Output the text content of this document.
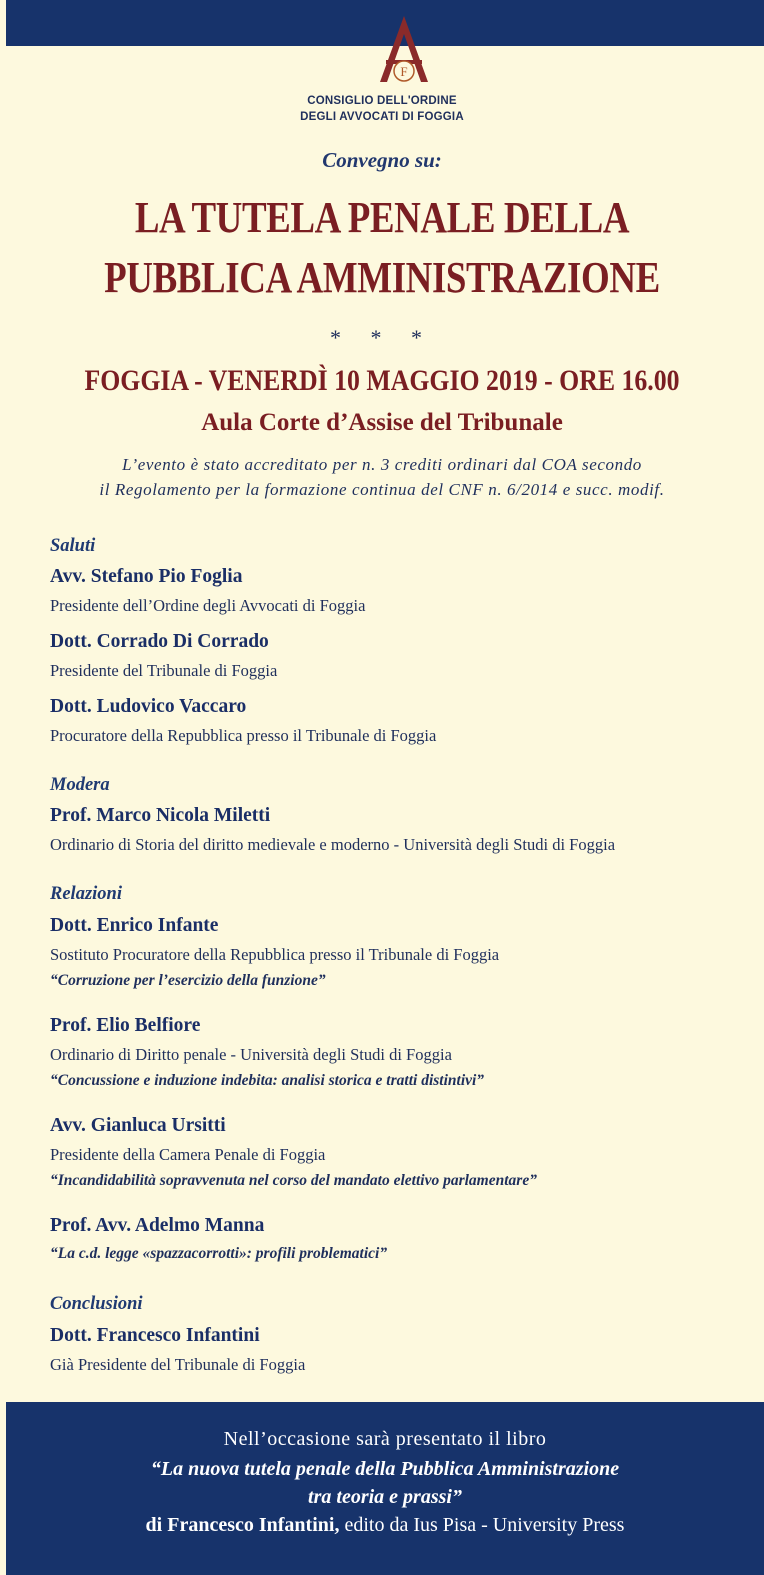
F
CONSIGLIO DELL'ORDINE
DEGLI AVVOCATI DI FOGGIA
Convegno su:
LA TUTELA PENALE DELLA
PUBBLICA AMMINISTRAZIONE
* * *
FOGGIA - VENERDÌ 10 MAGGIO 2019 - ORE 16.00
Aula Corte d’Assise del Tribunale
L’evento è stato accreditato per n. 3 crediti ordinari dal COA secondo
il Regolamento per la formazione continua del CNF n. 6/2014 e succ. modif.
Saluti
Avv. Stefano Pio Foglia
Presidente dell’Ordine degli Avvocati di Foggia
Dott. Corrado Di Corrado
Presidente del Tribunale di Foggia
Dott. Ludovico Vaccaro
Procuratore della Repubblica presso il Tribunale di Foggia
Modera
Prof. Marco Nicola Miletti
Ordinario di Storia del diritto medievale e moderno - Università degli Studi di Foggia
Relazioni
Dott. Enrico Infante
Sostituto Procuratore della Repubblica presso il Tribunale di Foggia
“Corruzione per l’esercizio della funzione”
Prof. Elio Belfiore
Ordinario di Diritto penale - Università degli Studi di Foggia
“Concussione e induzione indebita: analisi storica e tratti distintivi”
Avv. Gianluca Ursitti
Presidente della Camera Penale di Foggia
“Incandidabilità sopravvenuta nel corso del mandato elettivo parlamentare”
Prof. Avv. Adelmo Manna
“La c.d. legge «spazzacorrotti»: profili problematici”
Conclusioni
Dott. Francesco Infantini
Già Presidente del Tribunale di Foggia
Nell’occasione sarà presentato il libro
“La nuova tutela penale della Pubblica Amministrazione
tra teoria e prassi”
di Francesco Infantini, edito da Ius Pisa - University Press
